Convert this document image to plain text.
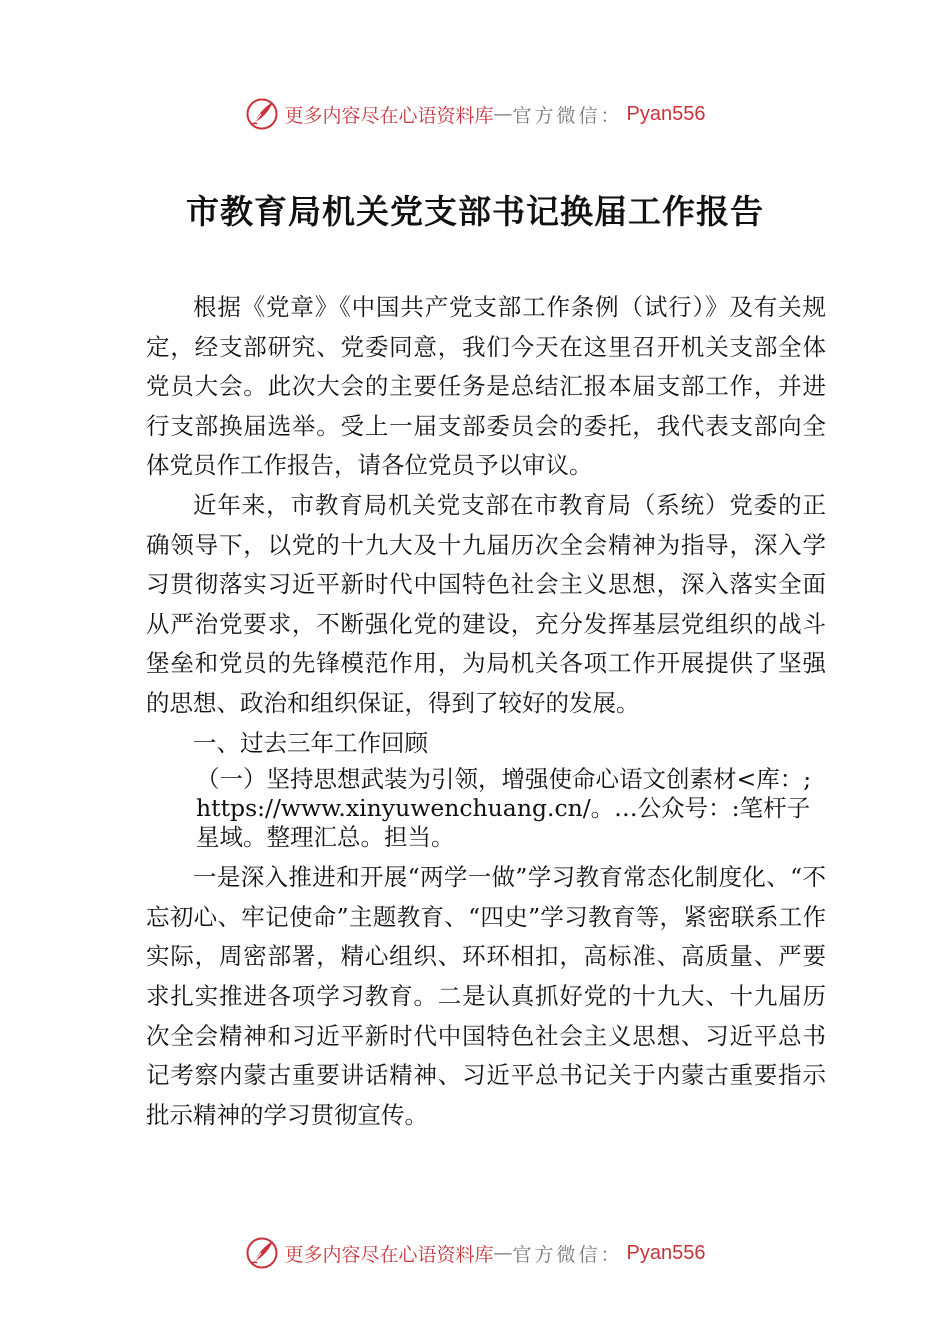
更多内容尽在心语资料库 — 官方微信： Pyan556
市教育局机关党支部书记换届工作报告

根据《党章》《中国共产党支部工作条例（试行）》及有关规定，经支部研究、党委同意，我们今天在这里召开机关支部全体党员大会。此次大会的主要任务是总结汇报本届支部工作，并进行支部换届选举。受上一届支部委员会的委托，我代表支部向全体党员作工作报告，请各位党员予以审议。

近年来，市教育局机关党支部在市教育局（系统）党委的正确领导下，以党的十九大及十九届历次全会精神为指导，深入学习贯彻落实习近平新时代中国特色社会主义思想，深入落实全面从严治党要求，不断强化党的建设，充分发挥基层党组织的战斗堡垒和党员的先锋模范作用，为局机关各项工作开展提供了坚强的思想、政治和组织保证，得到了较好的发展。

一、过去三年工作回顾

（一）坚持思想武装为引领，增强使命心语文创素材<库：;https://www.xinyuwenchuang.cn/。…公众号：:笔杆子星域。整理汇总。担当。

一是深入推进和开展“两学一做”学习教育常态化制度化、“不忘初心、牢记使命”主题教育、“四史”学习教育等，紧密联系工作实际，周密部署，精心组织、环环相扣，高标准、高质量、严要求扎实推进各项学习教育。二是认真抓好党的十九大、十九届历次全会精神和习近平新时代中国特色社会主义思想、习近平总书记考察内蒙古重要讲话精神、习近平总书记关于内蒙古重要指示批示精神的学习贯彻宣传。

更多内容尽在心语资料库 — 官方微信： Pyan556
